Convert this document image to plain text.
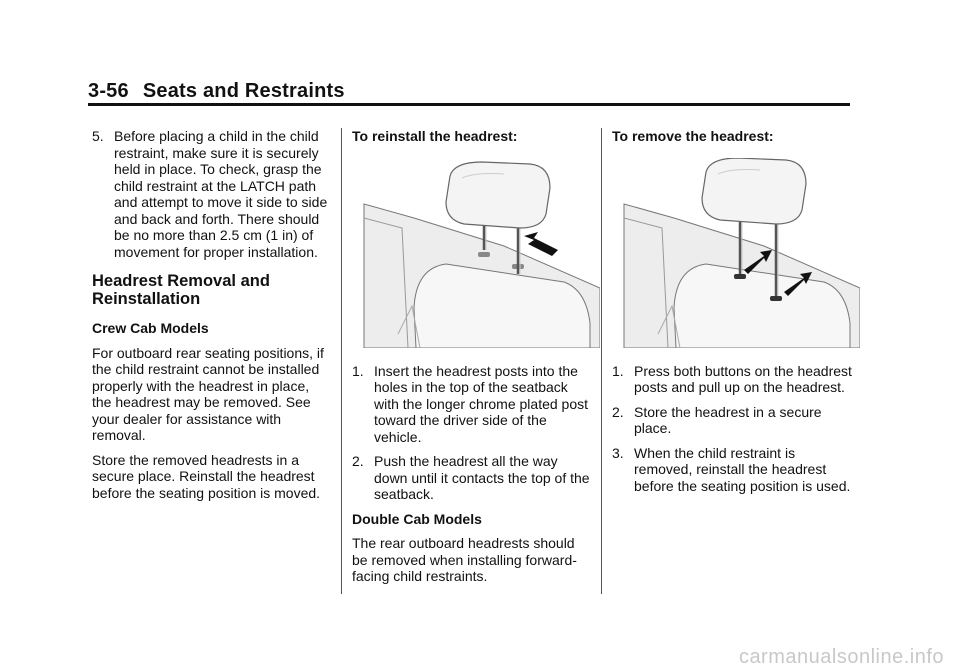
3-56 Seats and Restraints
5. Before placing a child in the child restraint, make sure it is securely held in place. To check, grasp the child restraint at the LATCH path and attempt to move it side to side and back and forth. There should be no more than 2.5 cm (1 in) of movement for proper installation.
Headrest Removal and Reinstallation
Crew Cab Models
For outboard rear seating positions, if the child restraint cannot be installed properly with the headrest in place, the headrest may be removed. See your dealer for assistance with removal.
Store the removed headrests in a secure place. Reinstall the headrest before the seating position is moved.
To reinstall the headrest:
1. Insert the headrest posts into the holes in the top of the seatback with the longer chrome plated post toward the driver side of the vehicle.
2. Push the headrest all the way down until it contacts the top of the seatback.
Double Cab Models
The rear outboard headrests should be removed when installing forward-facing child restraints.
To remove the headrest:
1. Press both buttons on the headrest posts and pull up on the headrest.
2. Store the headrest in a secure place.
3. When the child restraint is removed, reinstall the headrest before the seating position is used.
carmanualsonline.info
